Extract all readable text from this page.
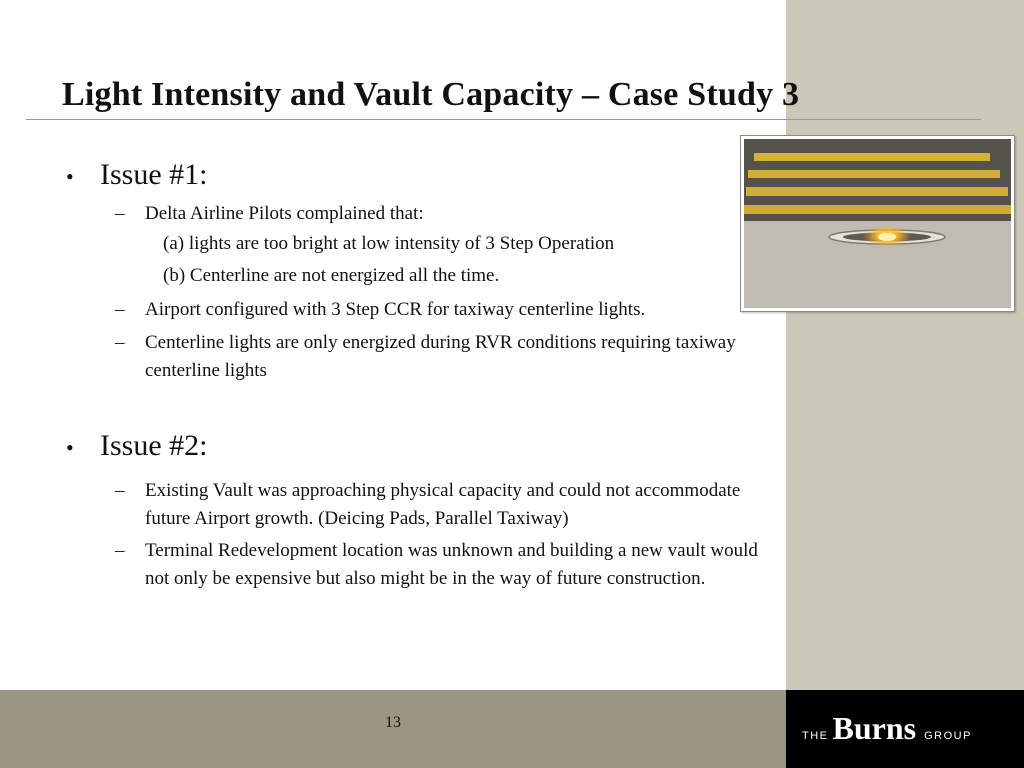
Light Intensity and Vault Capacity – Case Study 3
• Issue #1:
–	Delta Airline Pilots complained that:
(a) lights are too bright at low intensity of 3 Step Operation
(b) Centerline are not energized all the time.
–	Airport configured with 3 Step CCR for taxiway centerline lights.
–	Centerline lights are only energized during RVR conditions requiring taxiway centerline lights
• Issue #2:
–	Existing Vault was approaching physical capacity and could not accommodate future Airport growth. (Deicing Pads, Parallel Taxiway)
–	Terminal Redevelopment location was unknown and building a new vault would not only be expensive but also might be in the way of future construction.
13
THE Burns GROUP
